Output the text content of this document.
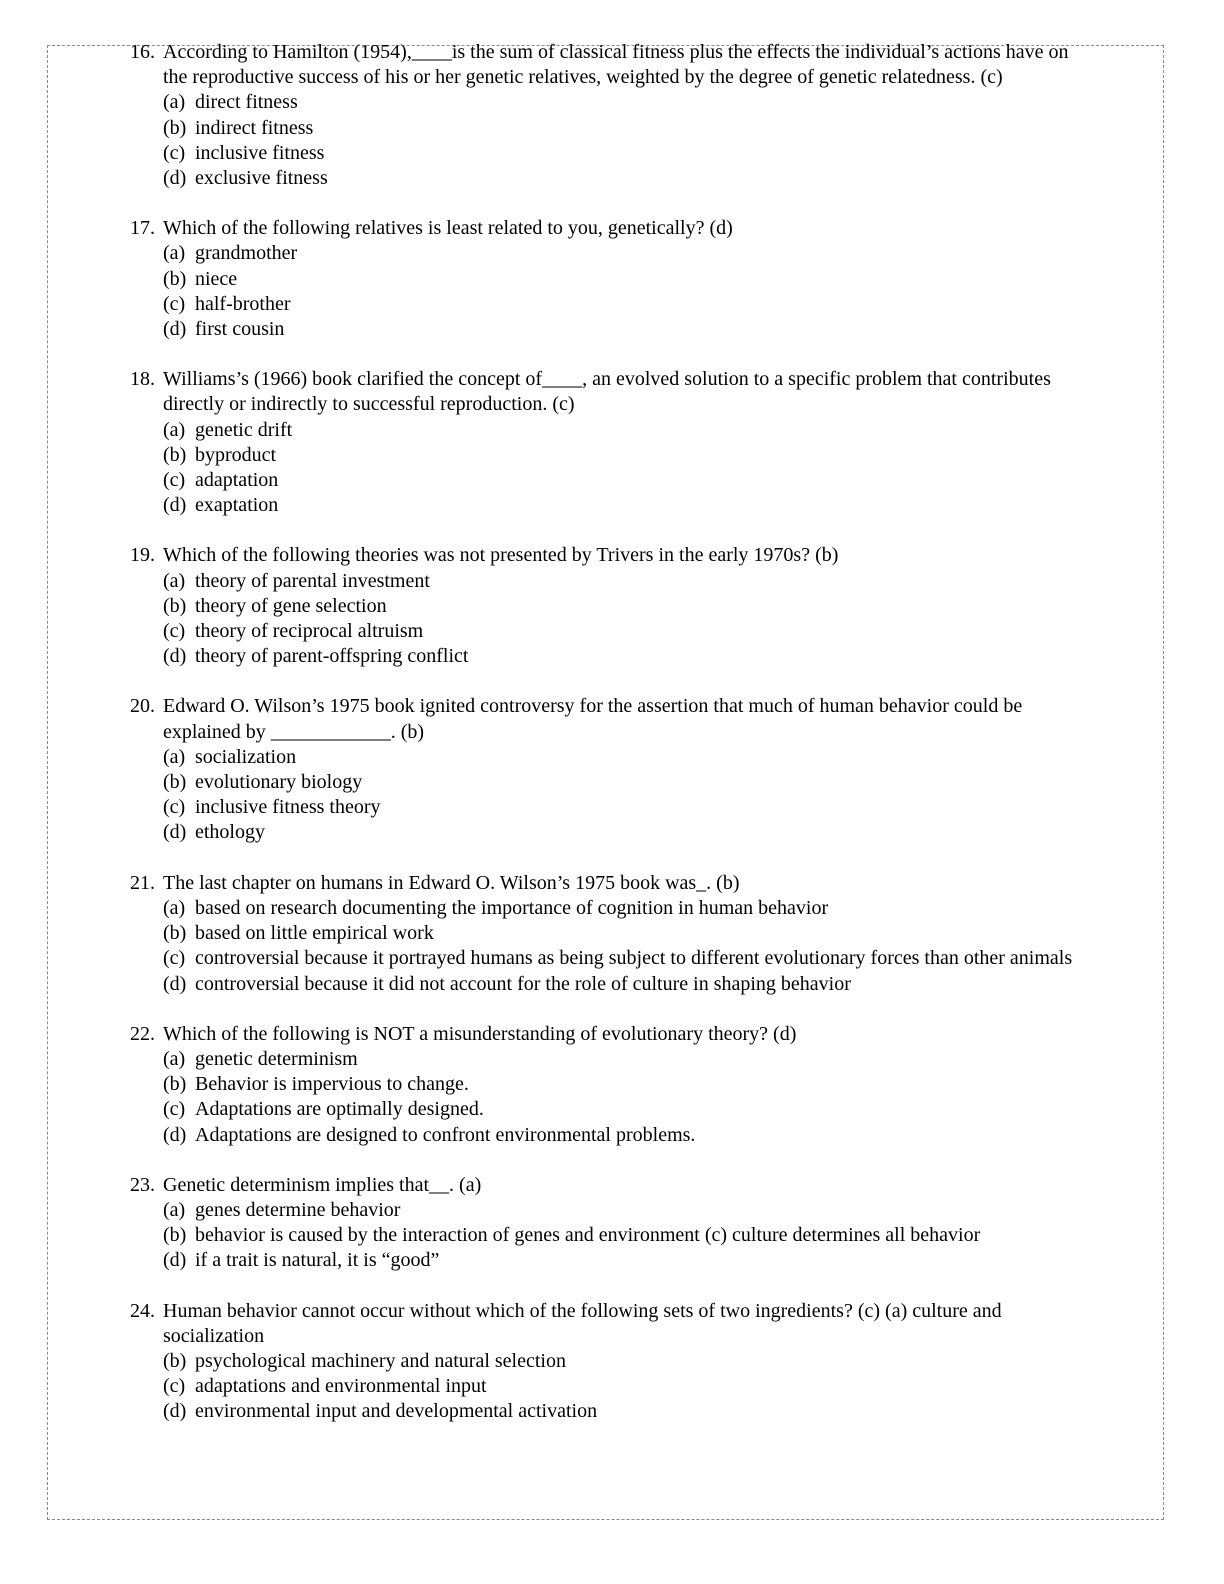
16. According to Hamilton (1954),____is the sum of classical fitness plus the effects the individual’s actions have on the reproductive success of his or her genetic relatives, weighted by the degree of genetic relatedness. (c)
(a) direct fitness
(b) indirect fitness
(c) inclusive fitness
(d) exclusive fitness
17. Which of the following relatives is least related to you, genetically? (d)
(a) grandmother
(b) niece
(c) half-brother
(d) first cousin
18. Williams’s (1966) book clarified the concept of____, an evolved solution to a specific problem that contributes directly or indirectly to successful reproduction. (c)
(a) genetic drift
(b) byproduct
(c) adaptation
(d) exaptation
19. Which of the following theories was not presented by Trivers in the early 1970s? (b)
(a) theory of parental investment
(b) theory of gene selection
(c) theory of reciprocal altruism
(d) theory of parent-offspring conflict
20. Edward O. Wilson’s 1975 book ignited controversy for the assertion that much of human behavior could be explained by ____________. (b)
(a) socialization
(b) evolutionary biology
(c) inclusive fitness theory
(d) ethology
21. The last chapter on humans in Edward O. Wilson’s 1975 book was_. (b)
(a) based on research documenting the importance of cognition in human behavior
(b) based on little empirical work
(c) controversial because it portrayed humans as being subject to different evolutionary forces than other animals
(d) controversial because it did not account for the role of culture in shaping behavior
22. Which of the following is NOT a misunderstanding of evolutionary theory? (d)
(a) genetic determinism
(b) Behavior is impervious to change.
(c) Adaptations are optimally designed.
(d) Adaptations are designed to confront environmental problems.
23. Genetic determinism implies that__. (a)
(a) genes determine behavior
(b) behavior is caused by the interaction of genes and environment (c) culture determines all behavior
(d) if a trait is natural, it is “good”
24. Human behavior cannot occur without which of the following sets of two ingredients? (c) (a) culture and socialization
(b) psychological machinery and natural selection
(c) adaptations and environmental input
(d) environmental input and developmental activation
